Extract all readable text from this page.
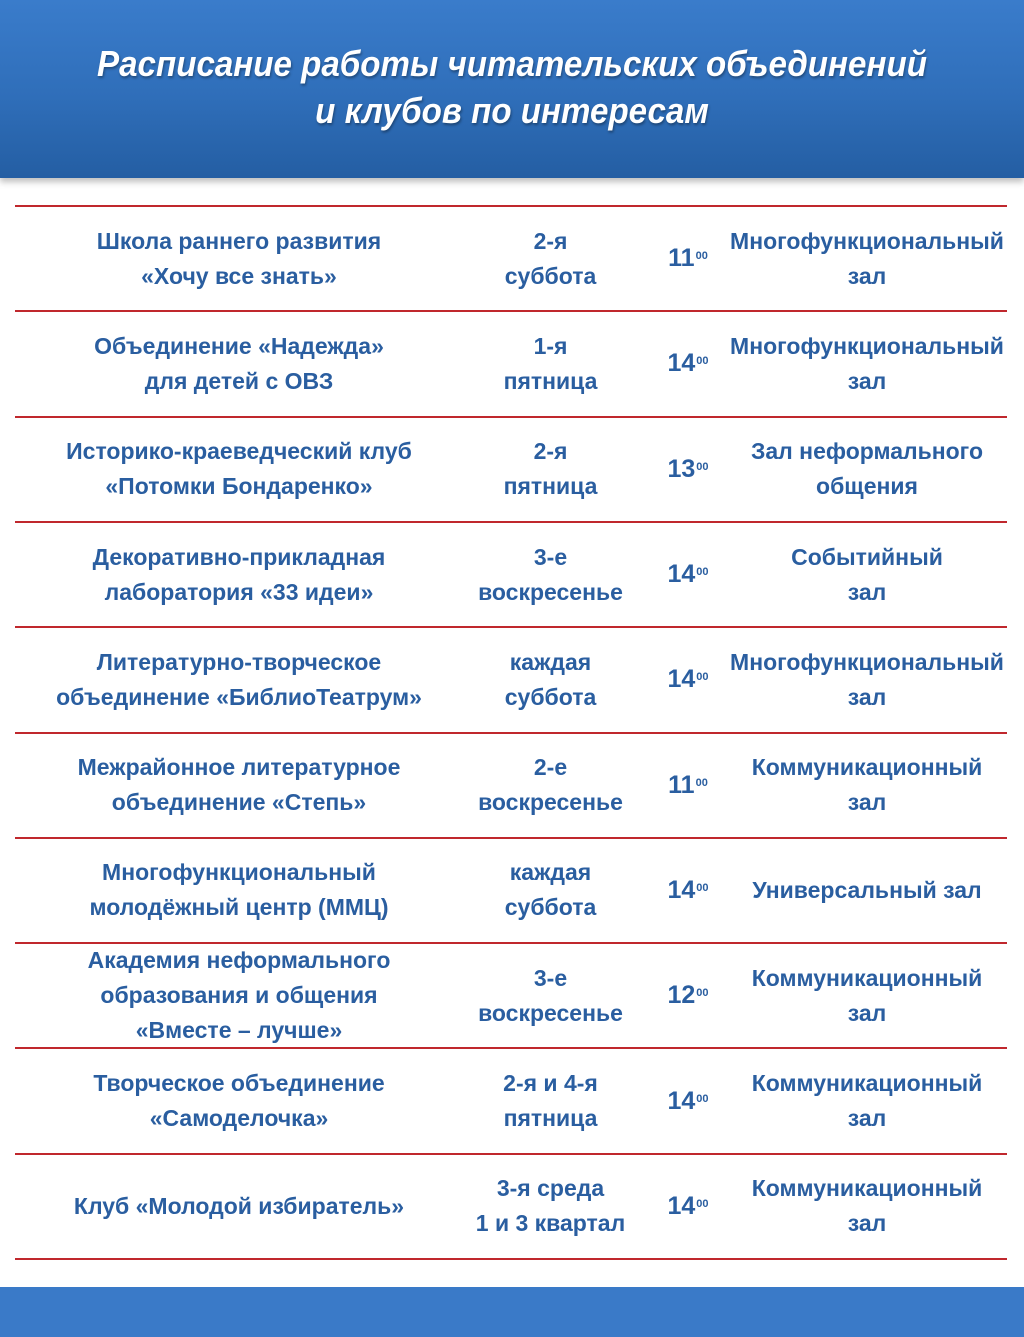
Расписание работы читательских объединений
и клубов по интересам
Школа раннего развития
«Хочу все знать»
2-я
суббота
$11^{00}$
Многофункциональный
зал
Объединение «Надежда»
для детей с ОВЗ
1-я
пятница
$14^{00}$
Многофункциональный
зал
Историко-краеведческий клуб
«Потомки Бондаренко»
2-я
пятница
$13^{00}$
Зал неформального
общения
Декоративно-прикладная
лаборатория «33 идеи»
3-е
воскресенье
$14^{00}$
Событийный
зал
Литературно-творческое
объединение «БиблиоТеатрум»
каждая
суббота
$14^{00}$
Многофункциональный
зал
Межрайонное литературное
объединение «Степь»
2-е
воскресенье
$11^{00}$
Коммуникационный
зал
Многофункциональный
молодёжный центр (ММЦ)
каждая
суббота
$14^{00}$ Универсальный зал
Академия неформального
образования и общения
«Вместе – лучше»
3-е
воскресенье
$12^{00}$
Коммуникационный
зал
Творческое объединение
«Самоделочка»
2-я и 4-я
пятница
$14^{00}$
Коммуникационный
зал
Клуб «Молодой избиратель»
3-я среда
1 и 3 квартал
$14^{00}$
Коммуникационный
зал
